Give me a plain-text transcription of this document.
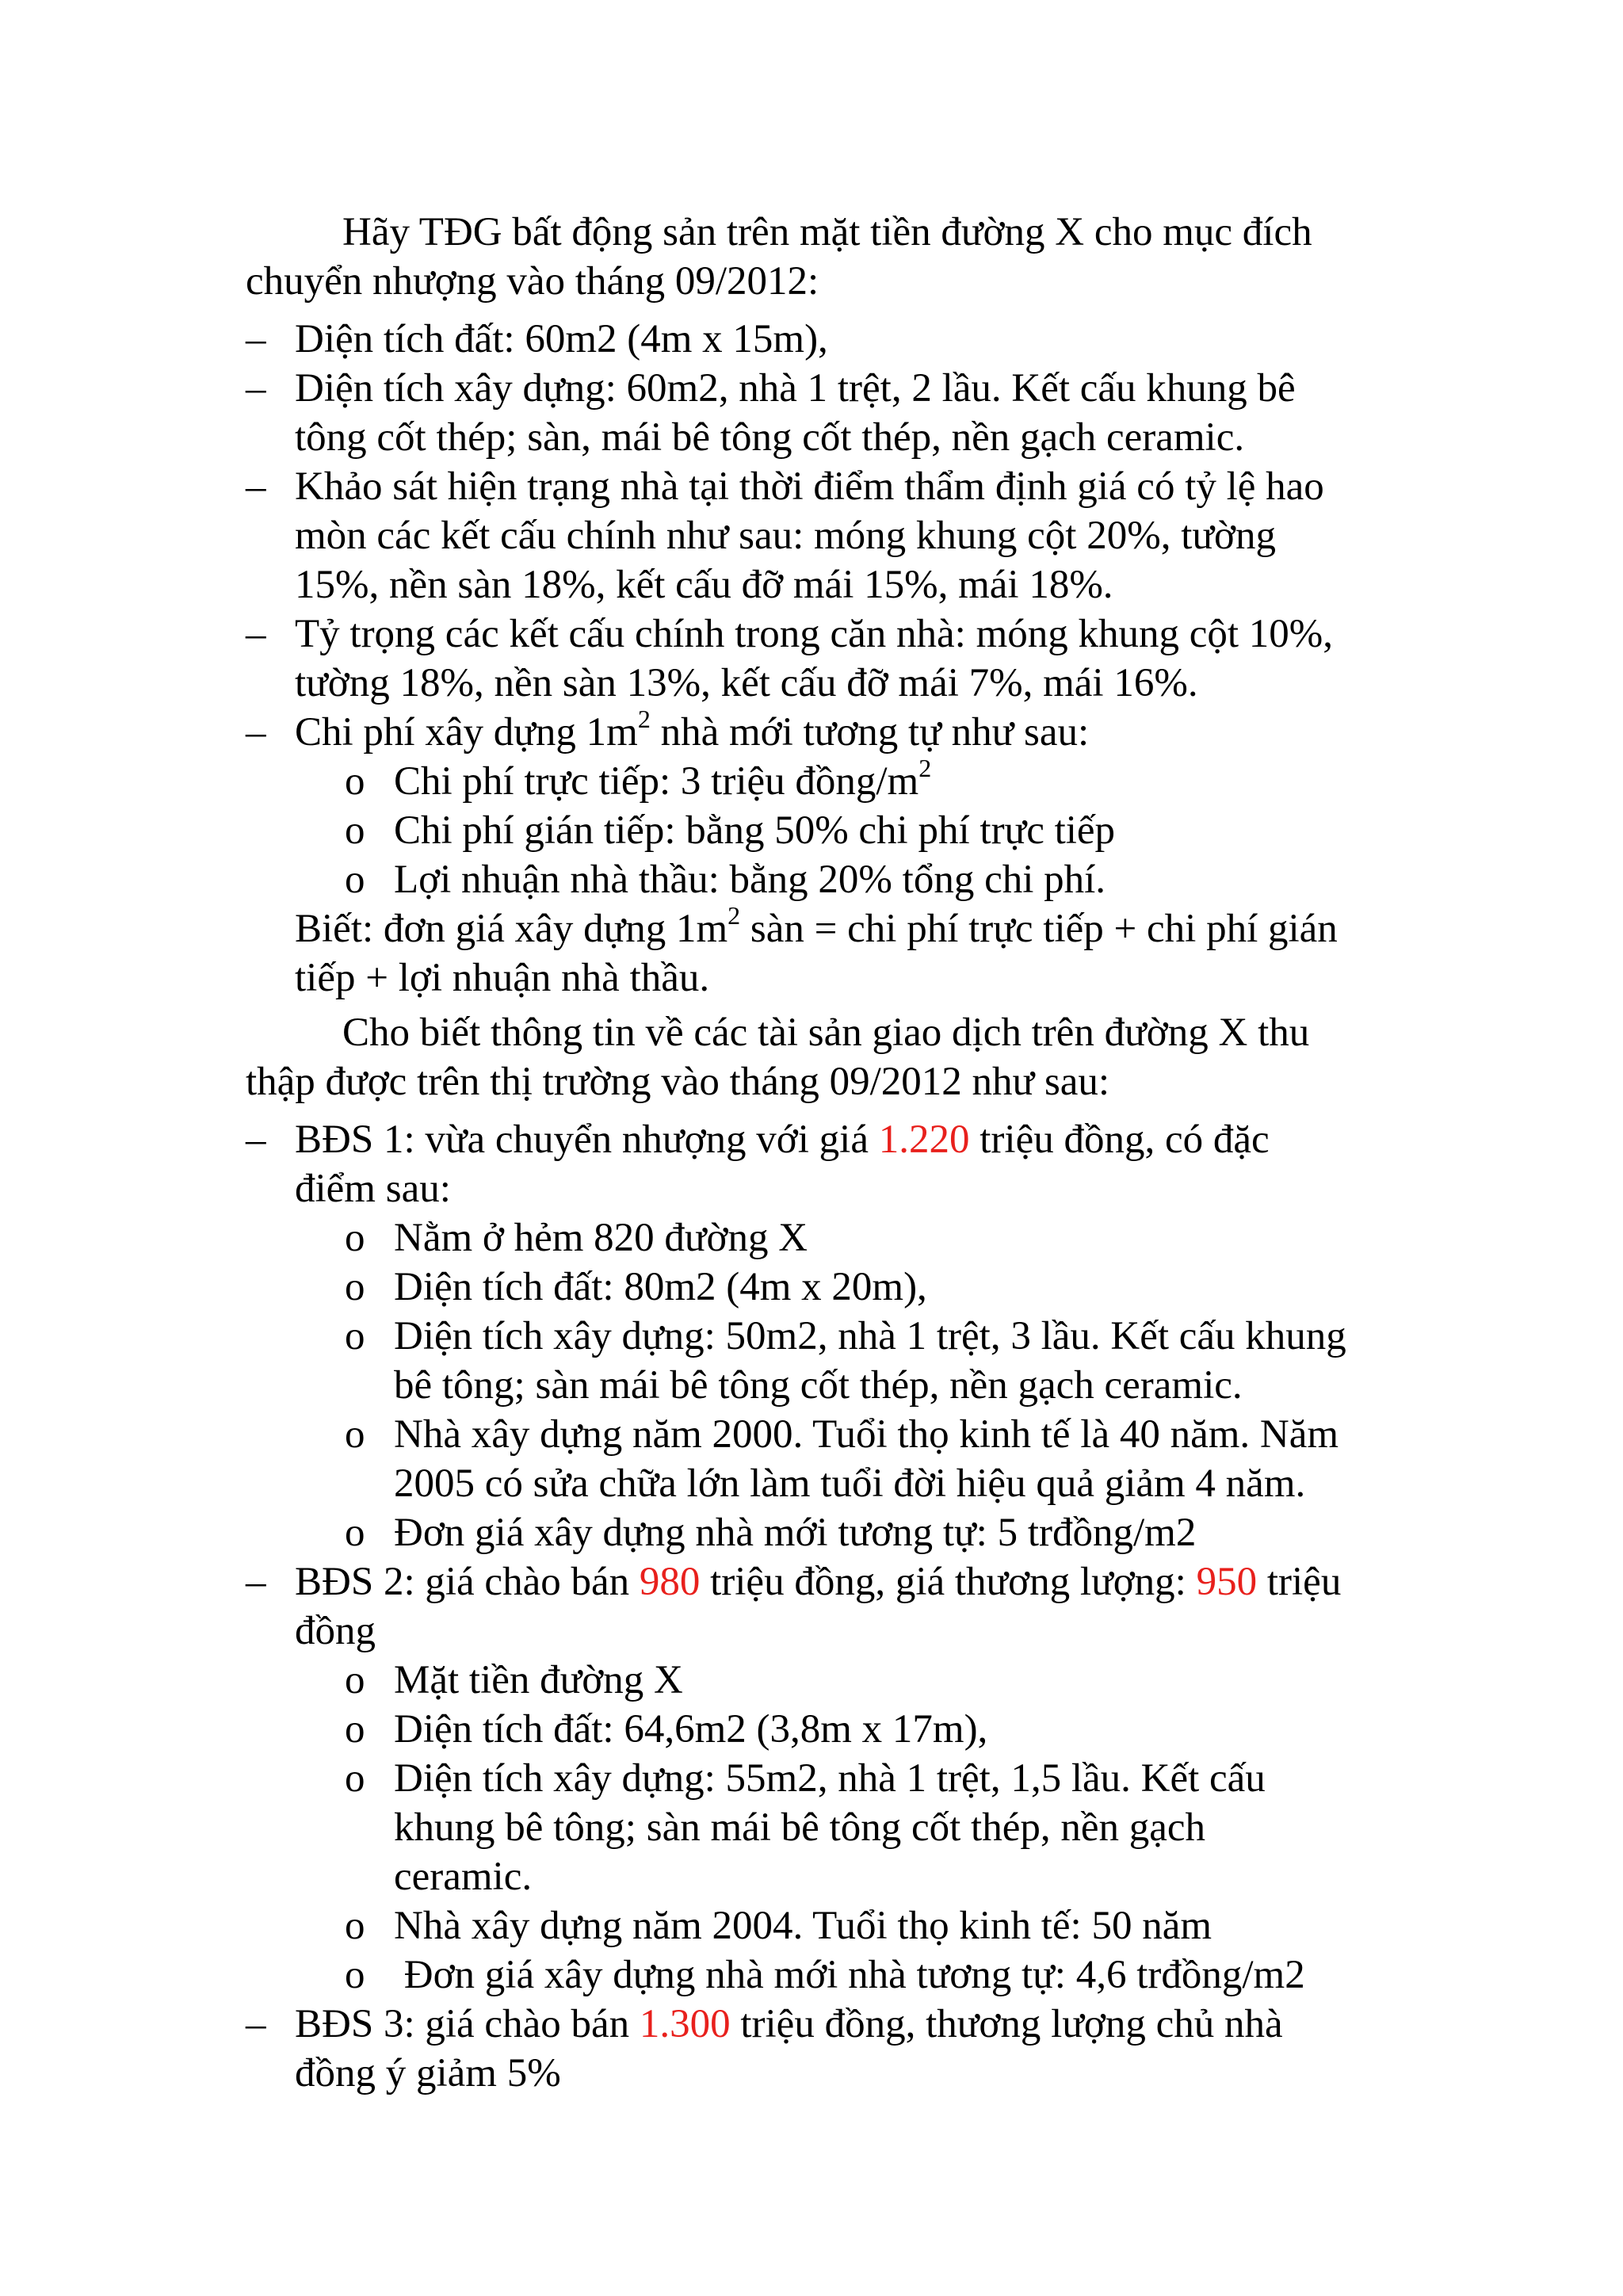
Hãy TĐG bất động sản trên mặt tiền đường X cho mục đích
chuyển nhượng vào tháng 09/2012:

– Diện tích đất: 60m2 (4m x 15m),
– Diện tích xây dựng: 60m2, nhà 1 trệt, 2 lầu. Kết cấu khung bê
tông cốt thép; sàn, mái bê tông cốt thép, nền gạch ceramic.
– Khảo sát hiện trạng nhà tại thời điểm thẩm định giá có tỷ lệ hao
mòn các kết cấu chính như sau: móng khung cột 20%, tường
15%, nền sàn 18%, kết cấu đỡ mái 15%, mái 18%.
– Tỷ trọng các kết cấu chính trong căn nhà: móng khung cột 10%,
tường 18%, nền sàn 13%, kết cấu đỡ mái 7%, mái 16%.
– Chi phí xây dựng $1m^2$ nhà mới tương tự như sau:
o Chi phí trực tiếp: 3 triệu đồng/$m^2$
o Chi phí gián tiếp: bằng 50% chi phí trực tiếp
o Lợi nhuận nhà thầu: bằng 20% tổng chi phí.
Biết: đơn giá xây dựng $1m^2$ sàn = chi phí trực tiếp + chi phí gián
tiếp + lợi nhuận nhà thầu.

Cho biết thông tin về các tài sản giao dịch trên đường X thu
thập được trên thị trường vào tháng 09/2012 như sau:

– BĐS 1: vừa chuyển nhượng với giá 1.220 triệu đồng, có đặc
điểm sau:
o Nằm ở hẻm 820 đường X
o Diện tích đất: 80m2 (4m x 20m),
o Diện tích xây dựng: 50m2, nhà 1 trệt, 3 lầu. Kết cấu khung
bê tông; sàn mái bê tông cốt thép, nền gạch ceramic.
o Nhà xây dựng năm 2000. Tuổi thọ kinh tế là 40 năm. Năm
2005 có sửa chữa lớn làm tuổi đời hiệu quả giảm 4 năm.
o Đơn giá xây dựng nhà mới tương tự: 5 trđồng/m2
– BĐS 2: giá chào bán 980 triệu đồng, giá thương lượng: 950 triệu
đồng
o Mặt tiền đường X
o Diện tích đất: 64,6m2 (3,8m x 17m),
o Diện tích xây dựng: 55m2, nhà 1 trệt, 1,5 lầu. Kết cấu
khung bê tông; sàn mái bê tông cốt thép, nền gạch
ceramic.
o Nhà xây dựng năm 2004. Tuổi thọ kinh tế: 50 năm
o Đơn giá xây dựng nhà mới nhà tương tự: 4,6 trđồng/m2
– BĐS 3: giá chào bán 1.300 triệu đồng, thương lượng chủ nhà
đồng ý giảm 5%
